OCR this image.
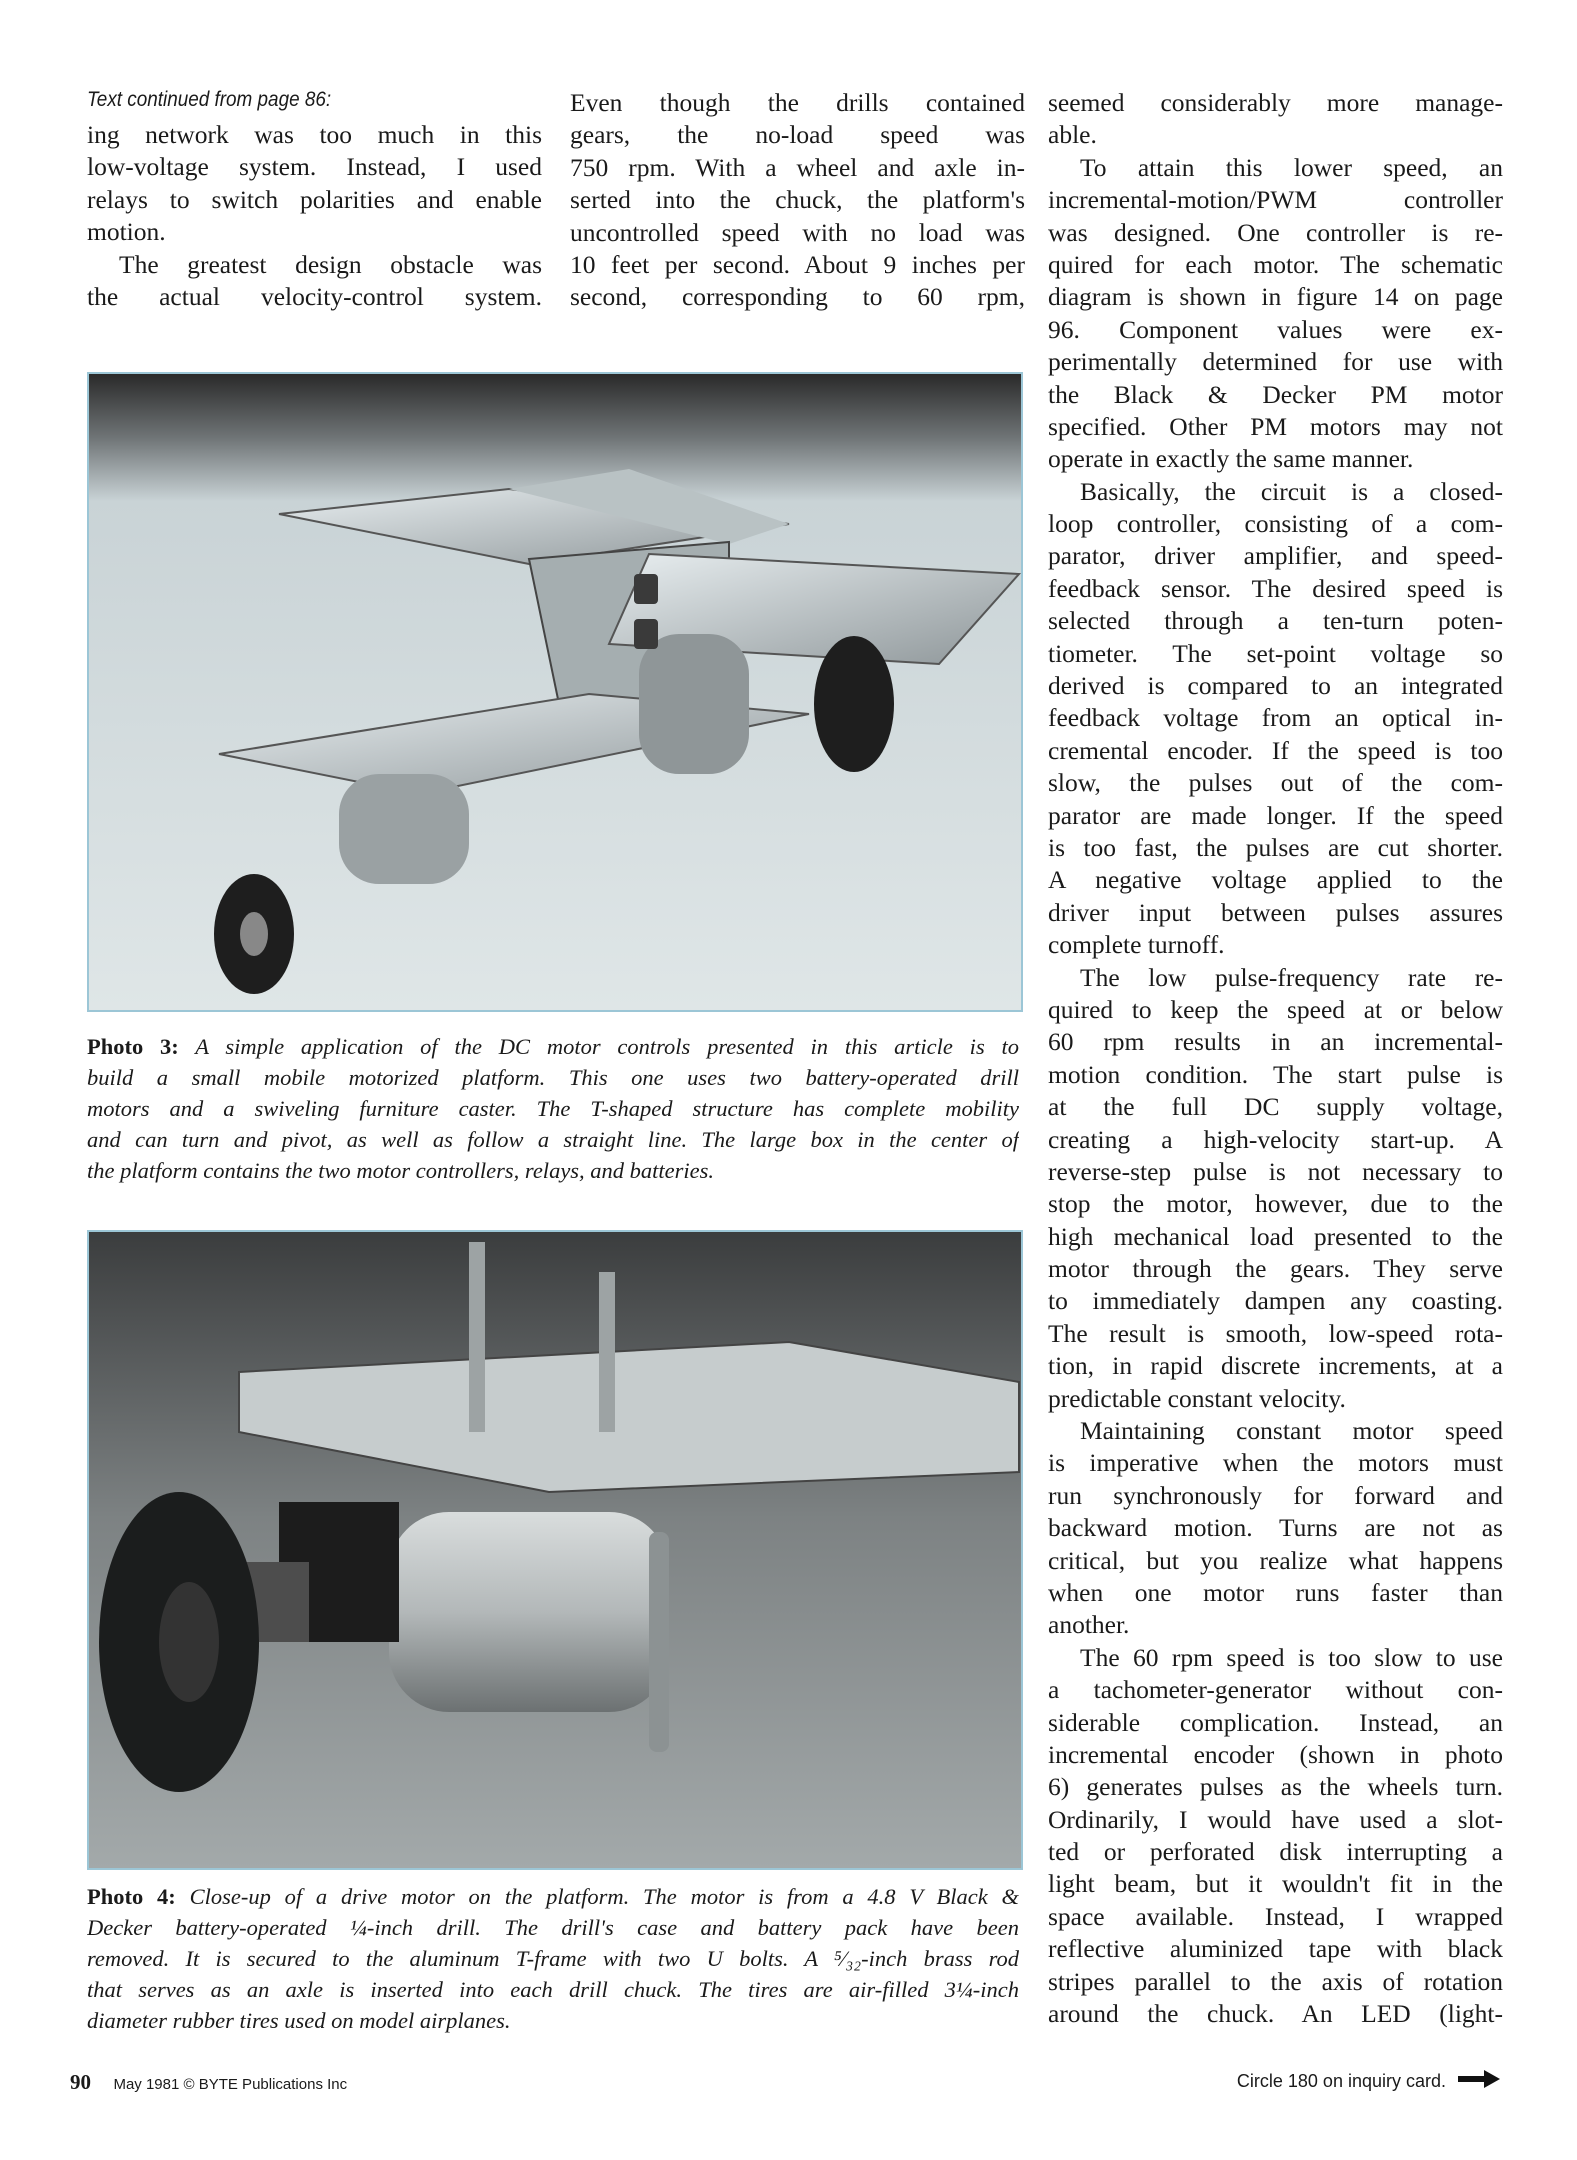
Text continued from page 86:
ing network was too much in this
low-voltage system. Instead, I used
relays to switch polarities and enable
motion.
The greatest design obstacle was
the actual velocity-control system.
Even though the drills contained
gears, the no-load speed was
750 rpm. With a wheel and axle in-
serted into the chuck, the platform's
uncontrolled speed with no load was
10 feet per second. About 9 inches per
second, corresponding to 60 rpm,
seemed considerably more manage-
able.
To attain this lower speed, an
incremental-motion/PWM controller
was designed. One controller is re-
quired for each motor. The schematic
diagram is shown in figure 14 on page
96. Component values were ex-
perimentally determined for use with
the Black & Decker PM motor
specified. Other PM motors may not
operate in exactly the same manner.
Basically, the circuit is a closed-
loop controller, consisting of a com-
parator, driver amplifier, and speed-
feedback sensor. The desired speed is
selected through a ten-turn poten-
tiometer. The set-point voltage so
derived is compared to an integrated
feedback voltage from an optical in-
cremental encoder. If the speed is too
slow, the pulses out of the com-
parator are made longer. If the speed
is too fast, the pulses are cut shorter.
A negative voltage applied to the
driver input between pulses assures
complete turnoff.
The low pulse-frequency rate re-
quired to keep the speed at or below
60 rpm results in an incremental-
motion condition. The start pulse is
at the full DC supply voltage,
creating a high-velocity start-up. A
reverse-step pulse is not necessary to
stop the motor, however, due to the
high mechanical load presented to the
motor through the gears. They serve
to immediately dampen any coasting.
The result is smooth, low-speed rota-
tion, in rapid discrete increments, at a
predictable constant velocity.
Maintaining constant motor speed
is imperative when the motors must
run synchronously for forward and
backward motion. Turns are not as
critical, but you realize what happens
when one motor runs faster than
another.
The 60 rpm speed is too slow to use
a tachometer-generator without con-
siderable complication. Instead, an
incremental encoder (shown in photo
6) generates pulses as the wheels turn.
Ordinarily, I would have used a slot-
ted or perforated disk interrupting a
light beam, but it wouldn't fit in the
space available. Instead, I wrapped
reflective aluminized tape with black
stripes parallel to the axis of rotation
around the chuck. An LED (light-
Photo 3: A simple application of the DC motor controls presented in this article is to
build a small mobile motorized platform. This one uses two battery-operated drill
motors and a swiveling furniture caster. The T-shaped structure has complete mobility
and can turn and pivot, as well as follow a straight line. The large box in the center of
the platform contains the two motor controllers, relays, and batteries.
Photo 4: Close-up of a drive motor on the platform. The motor is from a 4.8 V Black &
Decker battery-operated ¼-inch drill. The drill's case and battery pack have been
removed. It is secured to the aluminum T-frame with two U bolts. A ⁵⁄₃₂-inch brass rod
that serves as an axle is inserted into each drill chuck. The tires are air-filled 3¼-inch
diameter rubber tires used on model airplanes.
90 May 1981 © BYTE Publications Inc	Circle 180 on inquiry card.
